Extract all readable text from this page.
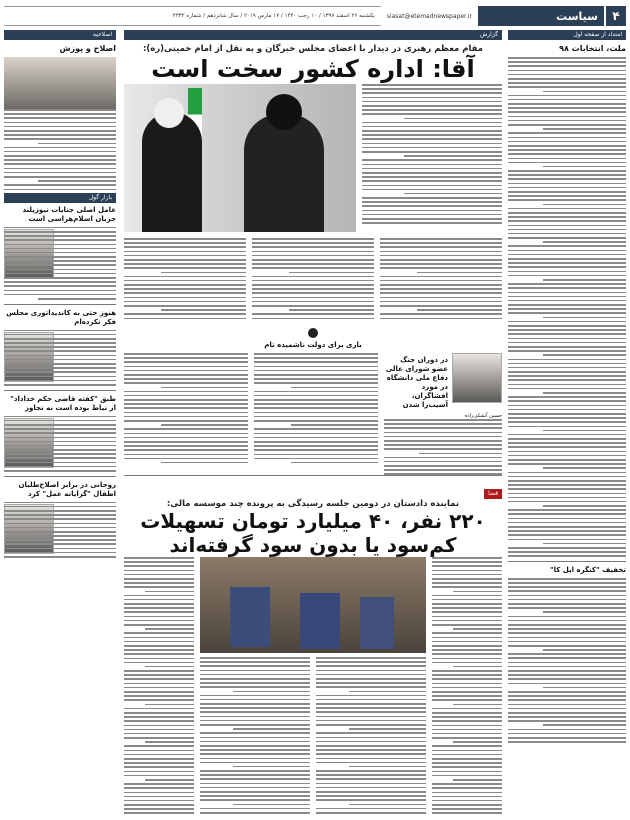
۴
سیاست
siasat@etemadnewspaper.ir
یکشنبه ۲۶ اسفند ۱۳۹۷ / ۱۰ رجب ۱۴۴۰ / ۱۷ مارس ۲۰۱۹ / سال شانزدهم / شماره ۴۳۳۲
امتداد از صفحه اول
ملت، انتخابات ۹۸
تخفیف "کنگره اپل کا"
گزارش
مقام معظم رهبری در دیدار با اعضای مجلس خبرگان و به نقل از امام خمینی(ره):
آقا: اداره کشور سخت است
باری برای دولت ناشمیده تام
در دوران جنگ عضو شورای عالی دفاع ملی دانشگاه در مورد افشاگران، آسیب‌زا شدن
حسین آتشکی‌زاده
قضا
نماینده دادستان در دومین جلسه رسیدگی به پرونده چند موسسه مالی:
۲۲۰ نفر، ۴۰ میلیارد تومان تسهیلات کم‌سود یا بدون سود گرفته‌اند
اصلاحیه
اصلاح و پوزش
بازار گول
عامل اصلی جنایات نیوزیلند جریان اسلام‌هراسی است
هنوز حتی به کاندیداتوری مجلس فکر نکرده‌ام
طبق "کفته قاضی حکم خداداد" از نیاط بوده است نه تجاوز
روحانی در برابر اصلاح‌طلبان اطفال "گرایانه عمل" کرد
